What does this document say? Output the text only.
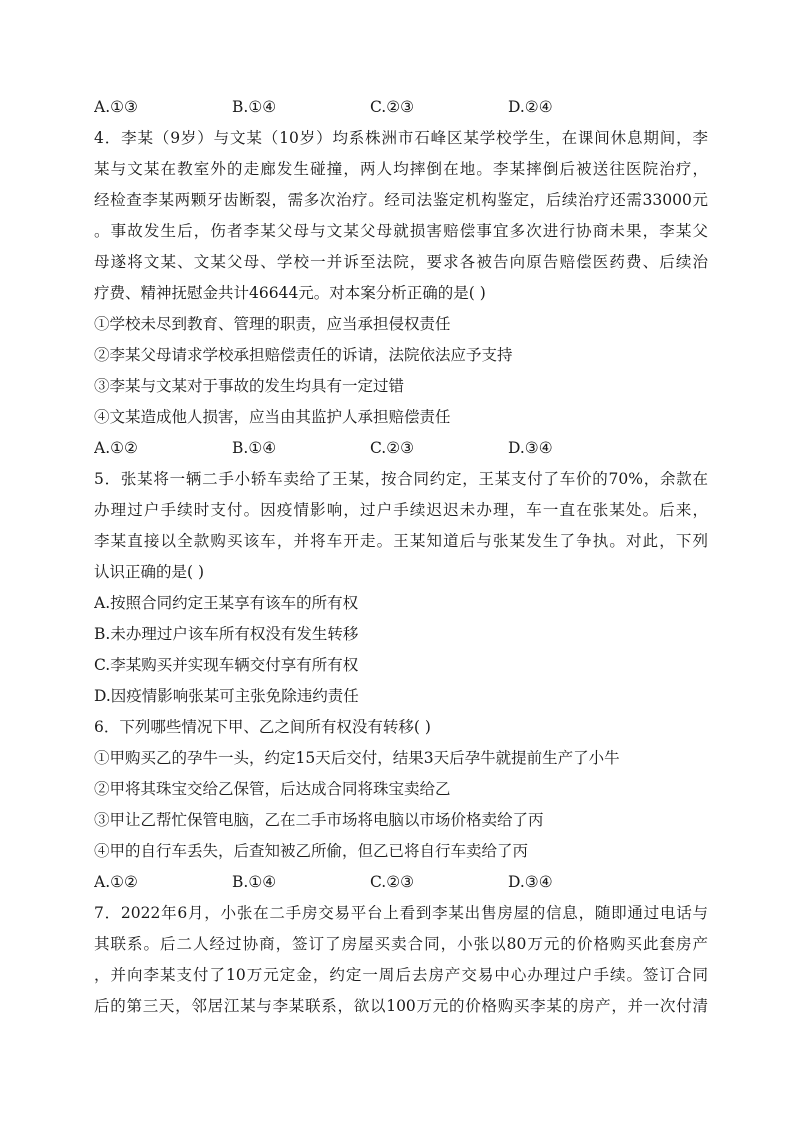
A.①③	B.①④	C.②③	D.②④
4．李某（9岁）与文某（10岁）均系株洲市石峰区某学校学生，在课间休息期间，李
某与文某在教室外的走廊发生碰撞，两人均摔倒在地。李某摔倒后被送往医院治疗，
经检查李某两颗牙齿断裂，需多次治疗。经司法鉴定机构鉴定，后续治疗还需33000元
。事故发生后，伤者李某父母与文某父母就损害赔偿事宜多次进行协商未果，李某父
母遂将文某、文某父母、学校一并诉至法院，要求各被告向原告赔偿医药费、后续治
疗费、精神抚慰金共计46644元。对本案分析正确的是( )
①学校未尽到教育、管理的职责，应当承担侵权责任
②李某父母请求学校承担赔偿责任的诉请，法院依法应予支持
③李某与文某对于事故的发生均具有一定过错
④文某造成他人损害，应当由其监护人承担赔偿责任
A.①②	B.①④	C.②③	D.③④
5．张某将一辆二手小轿车卖给了王某，按合同约定，王某支付了车价的70%，余款在
办理过户手续时支付。因疫情影响，过户手续迟迟未办理，车一直在张某处。后来，
李某直接以全款购买该车，并将车开走。王某知道后与张某发生了争执。对此，下列
认识正确的是( )
A.按照合同约定王某享有该车的所有权
B.未办理过户该车所有权没有发生转移
C.李某购买并实现车辆交付享有所有权
D.因疫情影响张某可主张免除违约责任
6．下列哪些情况下甲、乙之间所有权没有转移( )
①甲购买乙的孕牛一头，约定15天后交付，结果3天后孕牛就提前生产了小牛
②甲将其珠宝交给乙保管，后达成合同将珠宝卖给乙
③甲让乙帮忙保管电脑，乙在二手市场将电脑以市场价格卖给了丙
④甲的自行车丢失，后查知被乙所偷，但乙已将自行车卖给了丙
A.①②	B.①④	C.②③	D.③④
7．2022年6月，小张在二手房交易平台上看到李某出售房屋的信息，随即通过电话与
其联系。后二人经过协商，签订了房屋买卖合同，小张以80万元的价格购买此套房产
，并向李某支付了10万元定金，约定一周后去房产交易中心办理过户手续。签订合同
后的第三天，邻居江某与李某联系，欲以100万元的价格购买李某的房产，并一次付清
